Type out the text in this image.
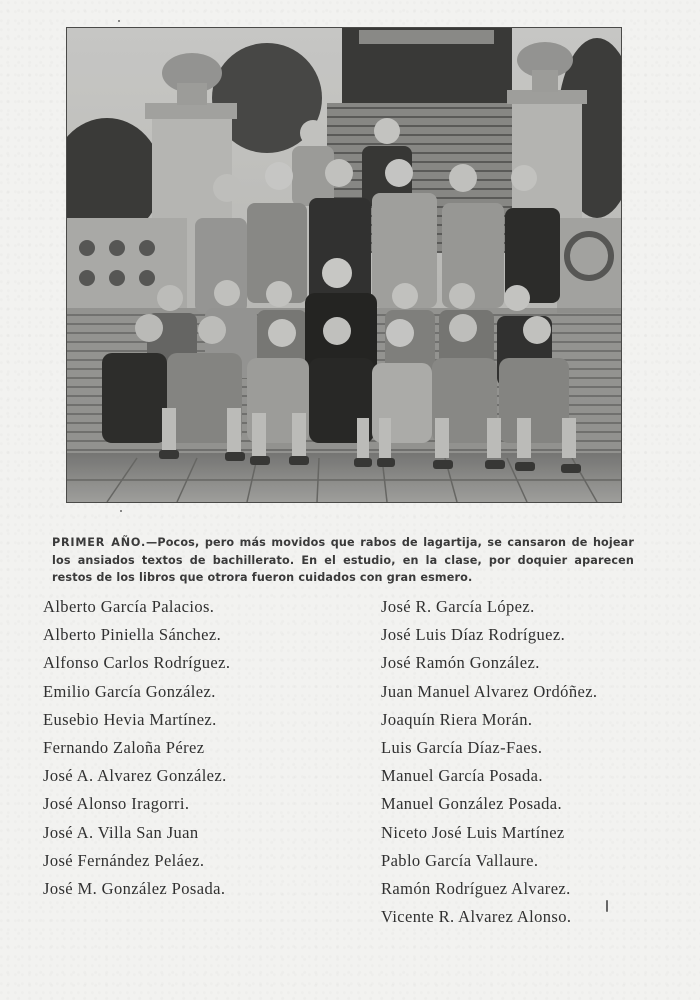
PRIMER AÑO.—Pocos, pero más movidos que rabos de lagartija, se cansaron de hojear los ansiados textos de bachillerato. En el estudio, en la clase, por doquier aparecen restos de los libros que otrora fueron cuidados con gran esmero.

Alberto García Palacios.
Alberto Piniella Sánchez.
Alfonso Carlos Rodríguez.
Emilio García González.
Eusebio Hevia Martínez.
Fernando Zaloña Pérez
José A. Alvarez González.
José Alonso Iragorri.
José A. Villa San Juan
José Fernández Peláez.
José M. González Posada.
José R. García López.
José Luis Díaz Rodríguez.
José Ramón González.
Juan Manuel Alvarez Ordóñez.
Joaquín Riera Morán.
Luis García Díaz-Faes.
Manuel García Posada.
Manuel González Posada.
Niceto José Luis Martínez
Pablo García Vallaure.
Ramón Rodríguez Alvarez.
Vicente R. Alvarez Alonso.
